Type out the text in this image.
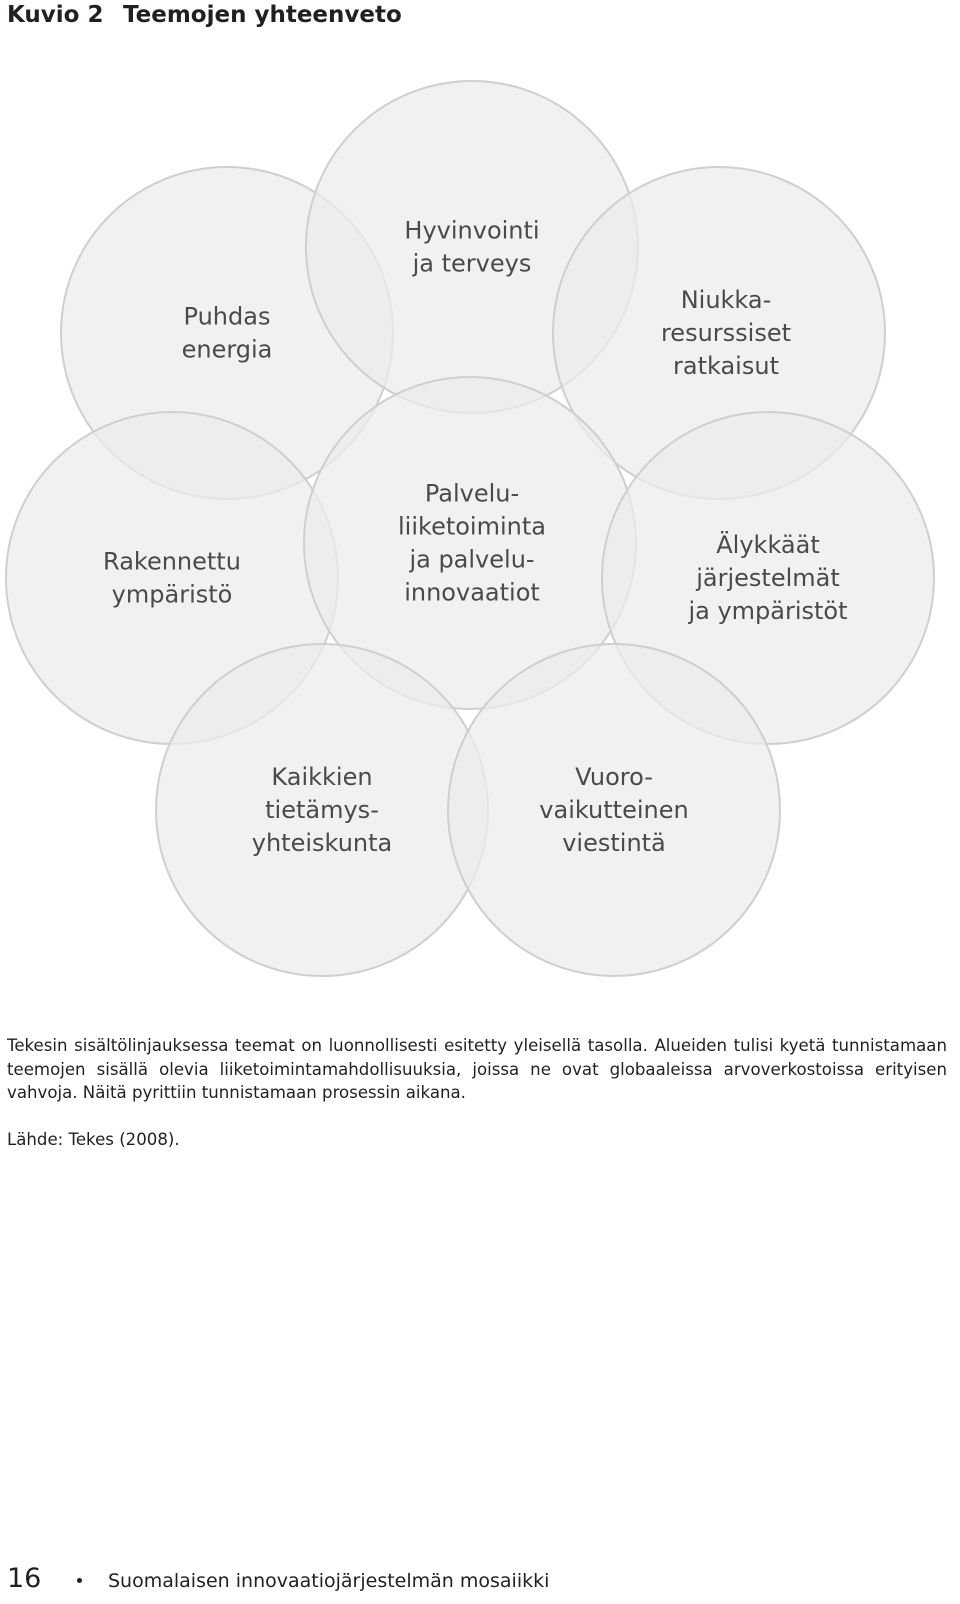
Kuvio 2 Teemojen yhteenveto
Puhdas
energia
Hyvinvointi
ja terveys
Niukka-
resurssiset
ratkaisut
Rakennettu
ympäristö
Palvelu-
liiketoiminta
ja palvelu-
innovaatiot
Älykkäät
järjestelmät
ja ympäristöt
Kaikkien
tietämys-
yhteiskunta
Vuoro-
vaikutteinen
viestintä

Tekesin sisältölinjauksessa teemat on luonnollisesti esitetty yleisellä tasolla. Alueiden tulisi kyetä tunnistamaan teemojen sisällä olevia liiketoimintamahdollisuuksia, joissa ne ovat globaaleissa arvoverkostoissa erityisen vahvoja. Näitä pyrittiin tunnistamaan prosessin aikana.

Lähde: Tekes (2008).

16	Suomalaisen innovaatiojärjestelmän mosaiikki
